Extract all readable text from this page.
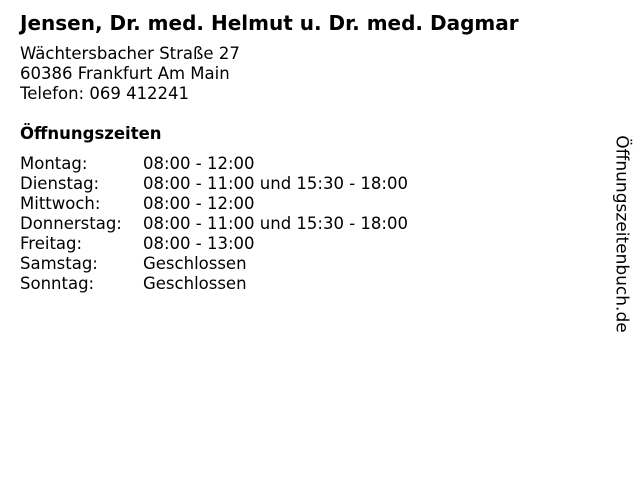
Jensen, Dr. med. Helmut u. Dr. med. Dagmar
Wächtersbacher Straße 27
60386 Frankfurt Am Main
Telefon: 069 412241
Öffnungszeiten
Montag:	08:00 - 12:00
Dienstag:	08:00 - 11:00 und 15:30 - 18:00
Mittwoch:	08:00 - 12:00
Donnerstag:	08:00 - 11:00 und 15:30 - 18:00
Freitag:	08:00 - 13:00
Samstag:	Geschlossen
Sonntag:	Geschlossen	Öffnungszeitenbuch.de
